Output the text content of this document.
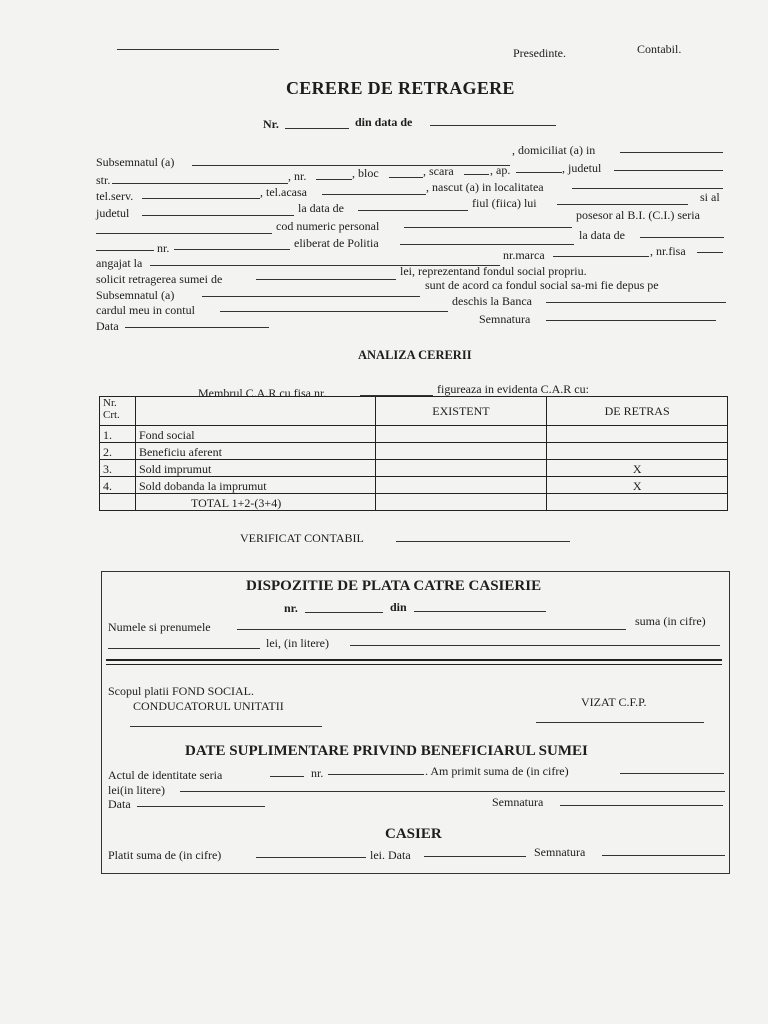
Presedinte.	Contabil.
CERERE DE RETRAGERE
Nr.	din data de
Subsemnatul (a)
, domiciliat (a) in
str.	, nr.	, bloc	, scara	, ap.	, judetul
tel.serv.	, tel.acasa	, nascut (a) in localitatea
judetul	la data de	fiul (fiica) lui	si al
cod numeric personal
posesor al B.I. (C.I.) seria
nr.	eliberat de Politia
la data de
angajat la
nr.marca	, nr.fisa
solicit retragerea sumei de
lei, reprezentand fondul social propriu.
Subsemnatul (a)
sunt de acord ca fondul social sa-mi fie depus pe
cardul meu in contul
deschis la Banca
Semnatura
Data
ANALIZA CERERII
Membrul C.A.R cu fisa nr.	figureaza in evidenta C.A.R cu:
Nr.
Crt.		EXISTENT	DE RETRAS
1.	Fond social		
2.	Beneficiu aferent		
3.	Sold imprumut		X
4.	Sold dobanda la imprumut		X
	TOTAL 1+2-(3+4)		
VERIFICAT CONTABIL
DISPOZITIE DE PLATA CATRE CASIERIE
nr.	din
Numele si prenumele	suma (in cifre)
lei, (in litere)
Scopul platii FOND SOCIAL.
CONDUCATORUL UNITATII	VIZAT C.F.P.
DATE SUPLIMENTARE PRIVIND BENEFICIARUL SUMEI
Actul de identitate seria	nr.	. Am primit suma de (in cifre)
lei(in litere)
Data	Semnatura
CASIER
Platit suma de (in cifre)	lei. Data	Semnatura
